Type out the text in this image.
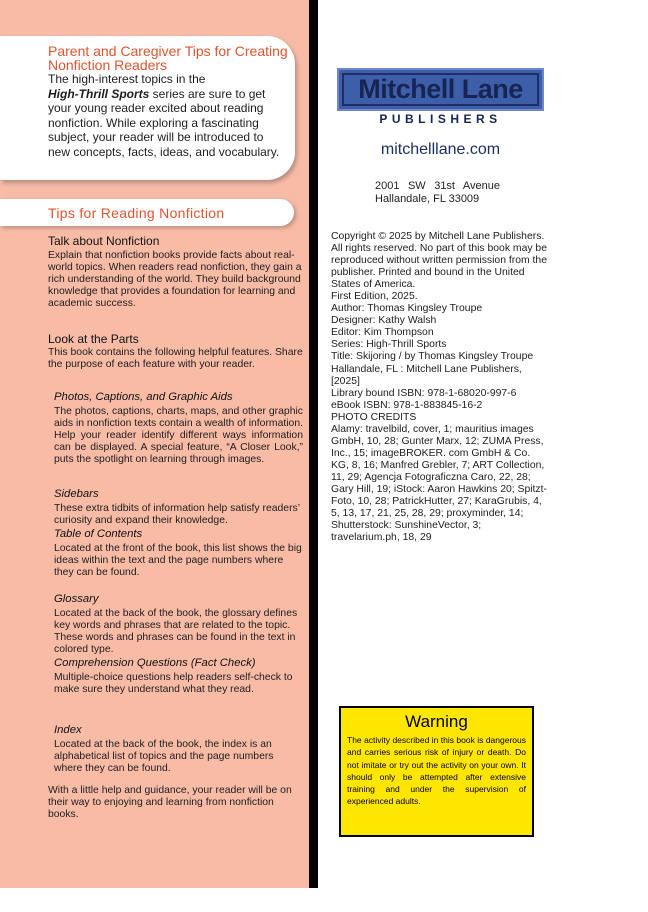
Parent and Caregiver Tips for Creating Nonfiction Readers
The high-interest topics in the
High-Thrill Sports series are sure to get your young reader excited about reading nonfiction. While exploring a fascinating subject, your reader will be introduced to new concepts, facts, ideas, and vocabulary.
Tips for Reading Nonfiction
Talk about Nonfiction
Explain that nonfiction books provide facts about real-world topics. When readers read nonfiction, they gain a rich understanding of the world. They build background knowledge that provides a foundation for learning and academic success.
Look at the Parts
This book contains the following helpful features. Share the purpose of each feature with your reader.
Photos, Captions, and Graphic Aids
The photos, captions, charts, maps, and other graphic aids in nonfiction texts contain a wealth of information. Help your reader identify different ways information can be displayed. A special feature, “A Closer Look,” puts the spotlight on learning through images.
Sidebars
These extra tidbits of information help satisfy readers’ curiosity and expand their knowledge.
Table of Contents
Located at the front of the book, this list shows the big ideas within the text and the page numbers where they can be found.
Glossary
Located at the back of the book, the glossary defines key words and phrases that are related to the topic. These words and phrases can be found in the text in colored type.
Comprehension Questions (Fact Check)
Multiple-choice questions help readers self-check to make sure they understand what they read.
Index
Located at the back of the book, the index is an alphabetical list of topics and the page numbers where they can be found.
With a little help and guidance, your reader will be on their way to enjoying and learning from nonfiction books.
Mitchell Lane
PUBLISHERS
mitchelllane.com
2001 SW 31st Avenue Hallandale, FL 33009
Copyright © 2025 by Mitchell Lane Publishers. All rights reserved. No part of this book may be reproduced without written permission from the publisher. Printed and bound in the United States of America.
First Edition, 2025.
Author: Thomas Kingsley Troupe
Designer: Kathy Walsh
Editor: Kim Thompson
Series: High-Thrill Sports
Title: Skijoring / by Thomas Kingsley Troupe
Hallandale, FL : Mitchell Lane Publishers, [2025]
Library bound ISBN: 978-1-68020-997-6
eBook ISBN: 978-1-883845-16-2
PHOTO CREDITS
Alamy: travelbild, cover, 1; mauritius images GmbH, 10, 28; Gunter Marx, 12; ZUMA Press, Inc., 15; imageBROKER. com GmbH & Co. KG, 8, 16; Manfred Grebler, 7; ART Collection, 11, 29; Agencja Fotograficzna Caro, 22, 28; Gary Hill, 19; iStock: Aaron Hawkins 20; Spitzt-Foto, 10, 28; PatrickHutter, 27; KaraGrubis, 4, 5, 13, 17, 21, 25, 28, 29; proxyminder, 14; Shutterstock: SunshineVector, 3; travelarium.ph, 18, 29
Warning
The activity described in this book is dangerous and carries serious risk of injury or death. Do not imitate or try out the activity on your own. It should only be attempted after extensive training and under the supervision of experienced adults.
